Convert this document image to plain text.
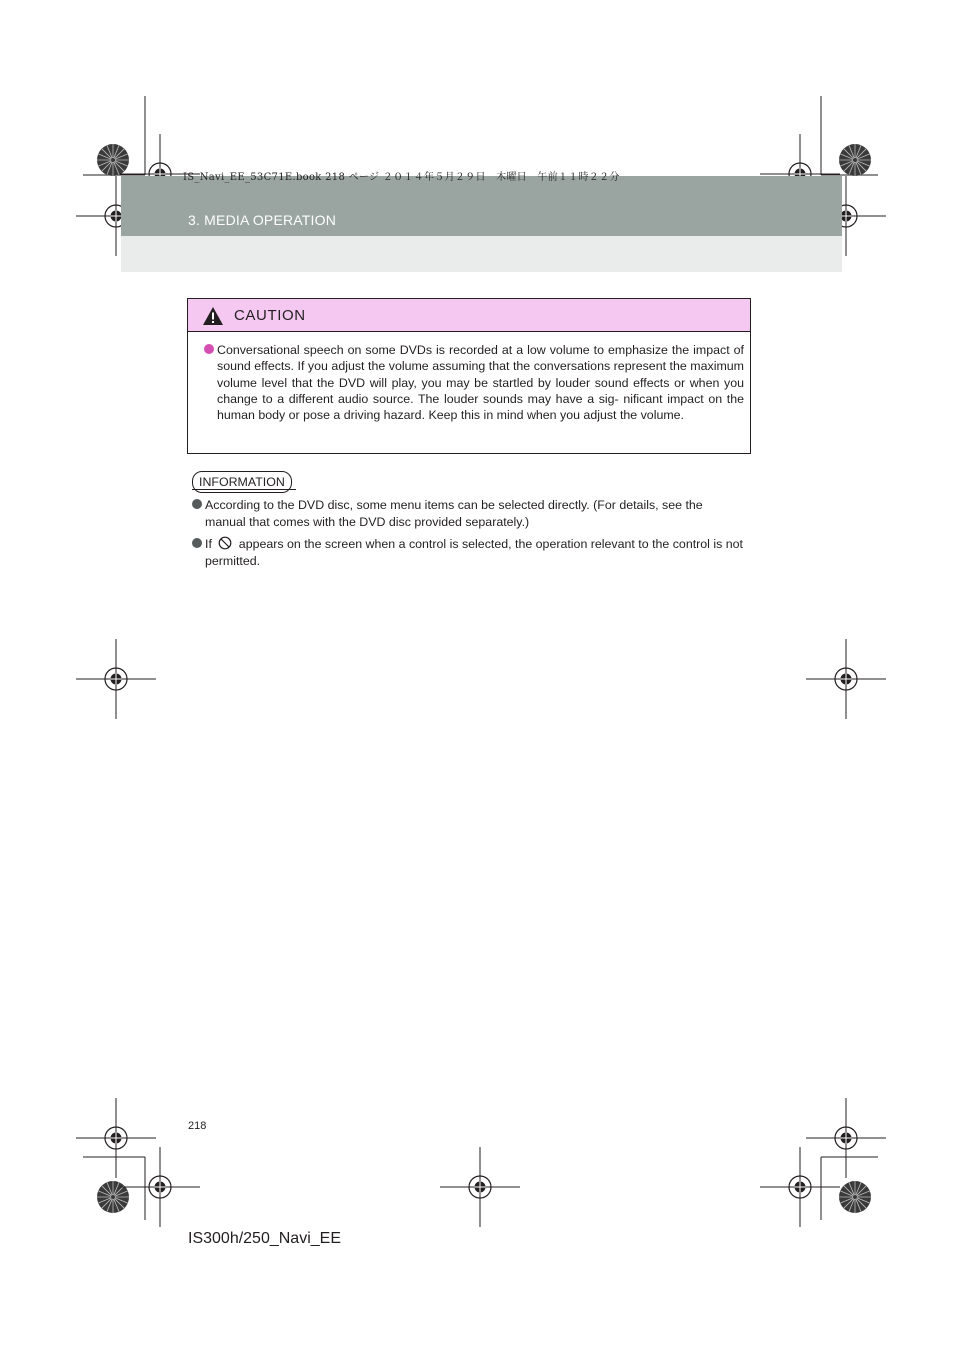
IS_Navi_EE_53C71E.book 218 ページ ２０１４年５月２９日　木曜日　午前１１時２２分
3. MEDIA OPERATION
CAUTION
Conversational speech on some DVDs is recorded at a low volume to emphasize the impact of sound effects. If you adjust the volume assuming that the conversations represent the maximum volume level that the DVD will play, you may be startled by louder sound effects or when you change to a different audio source. The louder sounds may have a sig- nificant impact on the human body or pose a driving hazard. Keep this in mind when you adjust the volume.
INFORMATION
According to the DVD disc, some menu items can be selected directly. (For details, see the manual that comes with the DVD disc provided separately.)
If appears on the screen when a control is selected, the operation relevant to the control is not permitted.
218
IS300h/250_Navi_EE
